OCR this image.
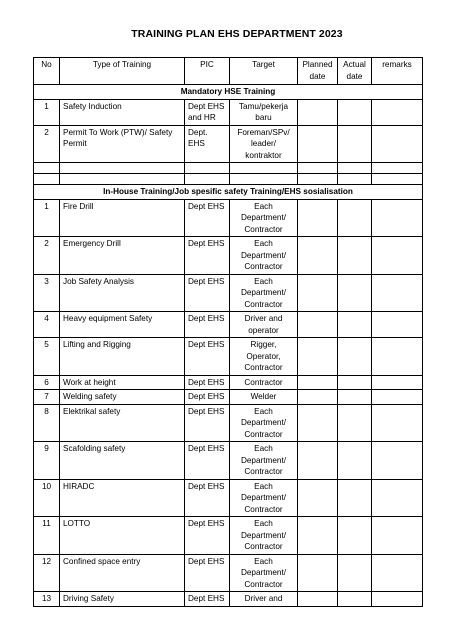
TRAINING PLAN EHS DEPARTMENT 2023
No	Type of Training	PIC	Target	Planned date	Actual date	remarks
Mandatory HSE Training						
1	Safety Induction	Dept EHS and HR	Tamu/pekerja baru			
2	Permit To Work (PTW)/ Safety Permit	Dept. EHS	Foreman/SPv/ leader/ kontraktor			

In-House Training/Job spesific safety Training/EHS sosialisation						
1	Fire Drill	Dept EHS	Each Department/ Contractor			
2	Emergency Drill	Dept EHS	Each Department/ Contractor			
3	Job Safety Analysis	Dept EHS	Each Department/ Contractor			
4	Heavy equipment Safety	Dept EHS	Driver and operator			
5	Lifting and Rigging	Dept EHS	Rigger, Operator, Contractor			
6	Work at height	Dept EHS	Contractor			
7	Welding safety	Dept EHS	Welder			
8	Elektrikal safety	Dept EHS	Each Department/ Contractor			
9	Scafolding safety	Dept EHS	Each Department/ Contractor			
10	HIRADC	Dept EHS	Each Department/ Contractor			
11	LOTTO	Dept EHS	Each Department/ Contractor			
12	Confined space entry	Dept EHS	Each Department/ Contractor			
13	Driving Safety	Dept EHS	Driver and			
